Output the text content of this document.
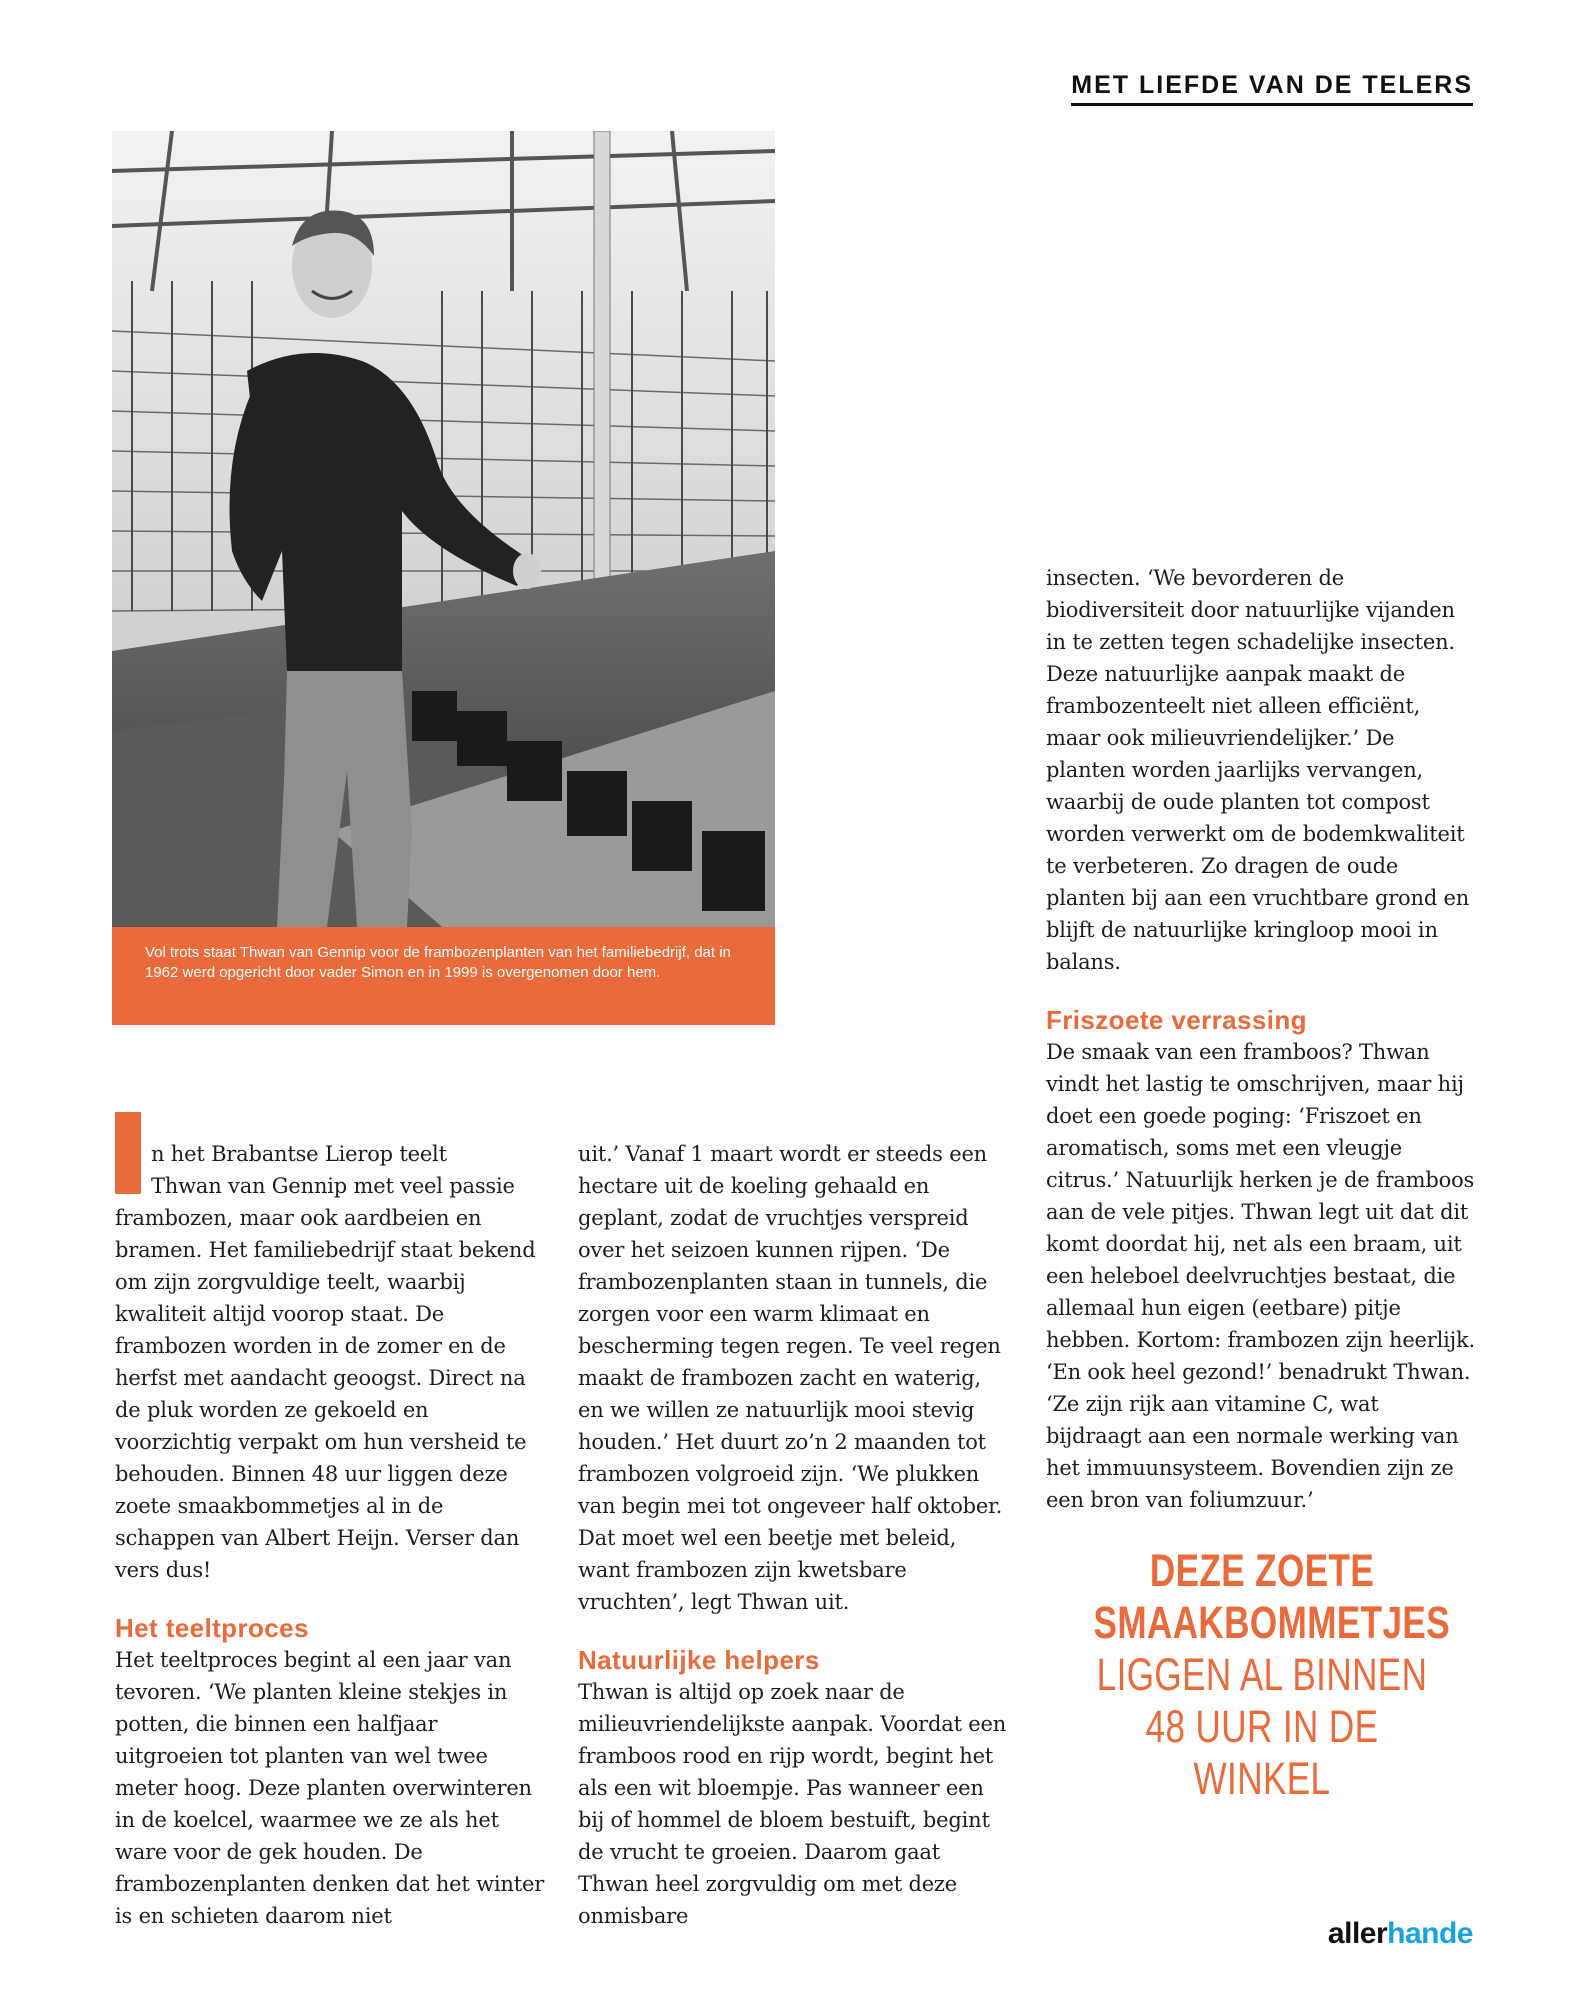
MET LIEFDE VAN DE TELERS

Vol trots staat Thwan van Gennip voor de frambozenplanten van het familiebedrijf, dat in 1962 werd opgericht door vader Simon en in 1999 is overgenomen door hem.

I
n het Brabantse Lierop teelt
Thwan van Gennip met veel passie
frambozen, maar ook aardbeien en
bramen. Het familiebedrijf staat bekend om zijn zorgvuldige teelt, waarbij kwaliteit altijd voorop staat. De frambozen worden in de zomer en de herfst met aandacht geoogst. Direct na de pluk worden ze gekoeld en voorzichtig verpakt om hun versheid te behouden. Binnen 48 uur liggen deze zoete smaakbommetjes al in de schappen van Albert Heijn. Verser dan vers dus!

Het teeltproces

Het teeltproces begint al een jaar van tevoren. ‘We planten kleine stekjes in potten, die binnen een halfjaar uitgroeien tot planten van wel twee meter hoog. Deze planten overwinteren in de koelcel, waarmee we ze als het ware voor de gek houden. De frambozenplanten denken dat het winter is en schieten daarom niet

uit.’ Vanaf 1 maart wordt er steeds een hectare uit de koeling gehaald en geplant, zodat de vruchtjes verspreid over het seizoen kunnen rijpen. ‘De frambozenplanten staan in tunnels, die zorgen voor een warm klimaat en bescherming tegen regen. Te veel regen maakt de frambozen zacht en waterig, en we willen ze natuurlijk mooi stevig houden.’ Het duurt zo’n 2 maanden tot frambozen volgroeid zijn. ‘We plukken van begin mei tot ongeveer half oktober. Dat moet wel een beetje met beleid, want frambozen zijn kwetsbare vruchten’, legt Thwan uit.

Natuurlijke helpers

Thwan is altijd op zoek naar de milieuvriendelijkste aanpak. Voordat een framboos rood en rijp wordt, begint het als een wit bloempje. Pas wanneer een bij of hommel de bloem bestuift, begint de vrucht te groeien. Daarom gaat Thwan heel zorgvuldig om met deze onmisbare

insecten. ‘We bevorderen de biodiversiteit door natuurlijke vijanden in te zetten tegen schadelijke insecten. Deze natuurlijke aanpak maakt de frambozenteelt niet alleen efficiënt, maar ook milieuvriendelijker.’ De planten worden jaarlijks vervangen, waarbij de oude planten tot compost worden verwerkt om de bodemkwaliteit te verbeteren. Zo dragen de oude planten bij aan een vruchtbare grond en blijft de natuurlijke kringloop mooi in balans.

Friszoete verrassing

De smaak van een framboos? Thwan vindt het lastig te omschrijven, maar hij doet een goede poging: ‘Friszoet en aromatisch, soms met een vleugje citrus.’ Natuurlijk herken je de framboos aan de vele pitjes. Thwan legt uit dat dit komt doordat hij, net als een braam, uit een heleboel deelvruchtjes bestaat, die allemaal hun eigen (eetbare) pitje hebben. Kortom: frambozen zijn heerlijk. ‘En ook heel gezond!’ benadrukt Thwan. ‘Ze zijn rijk aan vitamine C, wat bijdraagt aan een normale werking van het immuunsysteem. Bovendien zijn ze een bron van foliumzuur.’

DEZE ZOETE
SMAAKBOMMETJES
LIGGEN AL BINNEN
48 UUR IN DE
WINKEL
allerhande
